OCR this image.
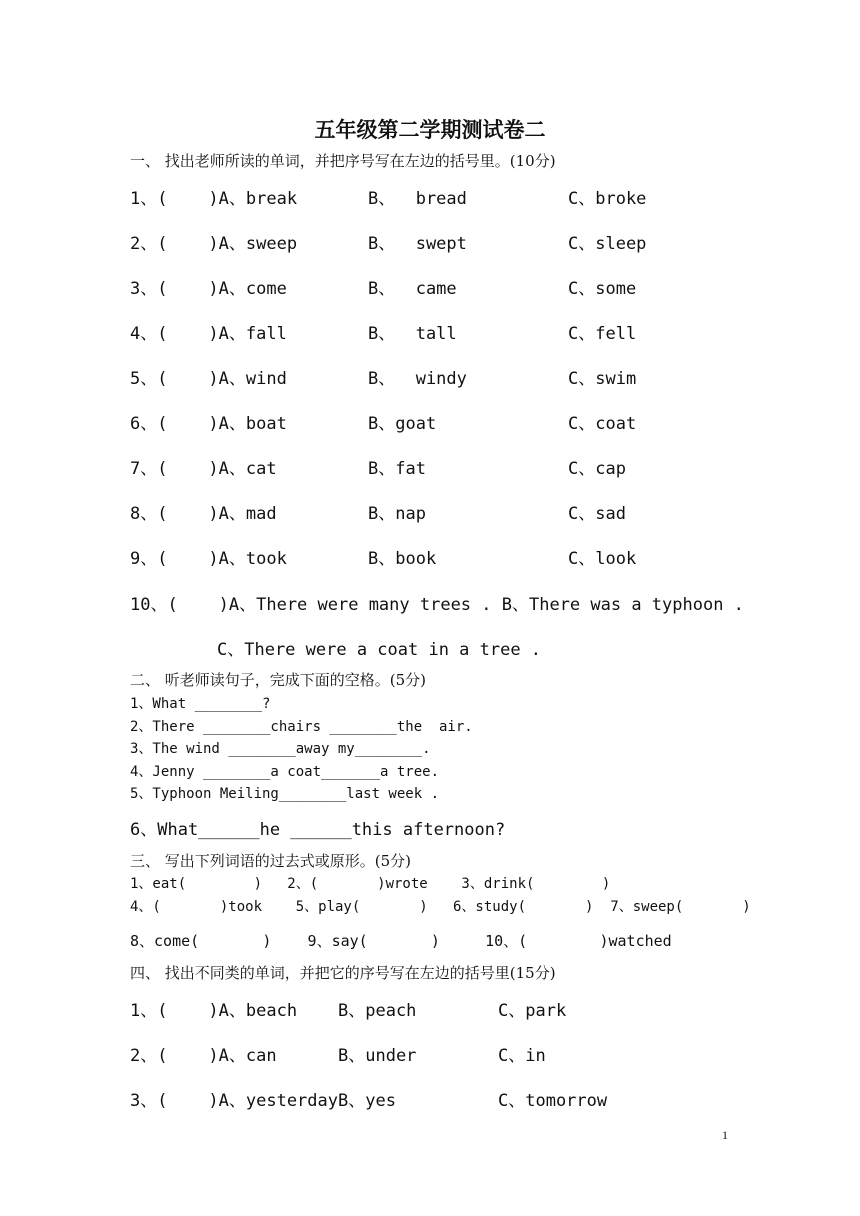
五年级第二学期测试卷二
一、 找出老师所读的单词，并把序号写在左边的括号里。(10分)
1、(    )A、break	B、  bread	C、broke
2、(    )A、sweep	B、  swept	C、sleep
3、(    )A、come	B、  came	C、some
4、(    )A、fall	B、  tall	C、fell
5、(    )A、wind	B、  windy	C、swim
6、(    )A、boat	B、goat	C、coat
7、(    )A、cat	B、fat	C、cap
8、(    )A、mad	B、nap	C、sad
9、(    )A、took	B、book	C、look
10、(    )A、There were many trees . B、There was a typhoon .
C、There were a coat in a tree .
二、 听老师读句子，完成下面的空格。(5分)
1、What ________?
2、There ________chairs ________the  air.
3、The wind ________away my________.
4、Jenny ________a coat_______a tree.
5、Typhoon Meiling________last week .
6、What______he ______this afternoon?
三、 写出下列词语的过去式或原形。(5分)
1、eat(        )   2、(       )wrote    3、drink(        )
4、(       )took    5、play(       )   6、study(       )  7、sweep(       )
8、come(       )    9、say(       )     10、(        )watched
四、 找出不同类的单词，并把它的序号写在左边的括号里(15分)
1、(    )A、beach B、peach	C、park
2、(    )A、can	B、under	C、in
3、(    )A、yesterday B、yes	C、tomorrow
1
